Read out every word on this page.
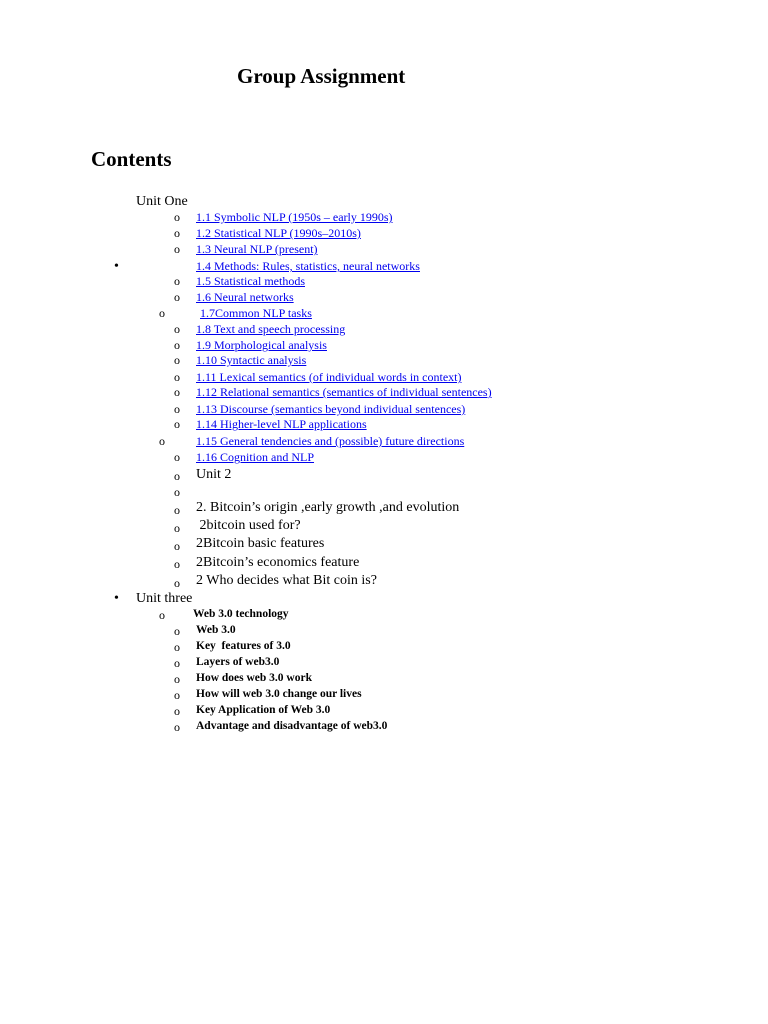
Group Assignment
Contents
Unit One
o 1.1 Symbolic NLP (1950s – early 1990s)
o 1.2 Statistical NLP (1990s–2010s)
o 1.3 Neural NLP (present)
•	1.4 Methods: Rules, statistics, neural networks
o 1.5 Statistical methods
o 1.6 Neural networks
o	1.7Common NLP tasks
o 1.8 Text and speech processing
o 1.9 Morphological analysis
o 1.10 Syntactic analysis
o 1.11 Lexical semantics (of individual words in context)
o 1.12 Relational semantics (semantics of individual sentences)
o 1.13 Discourse (semantics beyond individual sentences)
o 1.14 Higher-level NLP applications
o	1.15 General tendencies and (possible) future directions
o 1.16 Cognition and NLP
o Unit 2
o
o 2. Bitcoin’s origin ,early growth ,and evolution
o 2bitcoin used for?
o 2Bitcoin basic features
o 2Bitcoin’s economics feature
o 2 Who decides what Bit coin is?
• Unit three
o Web 3.0 technology
o Web 3.0
o Key  features of 3.0
o Layers of web3.0
o How does web 3.0 work
o How will web 3.0 change our lives
o Key Application of Web 3.0
o Advantage and disadvantage of web3.0
